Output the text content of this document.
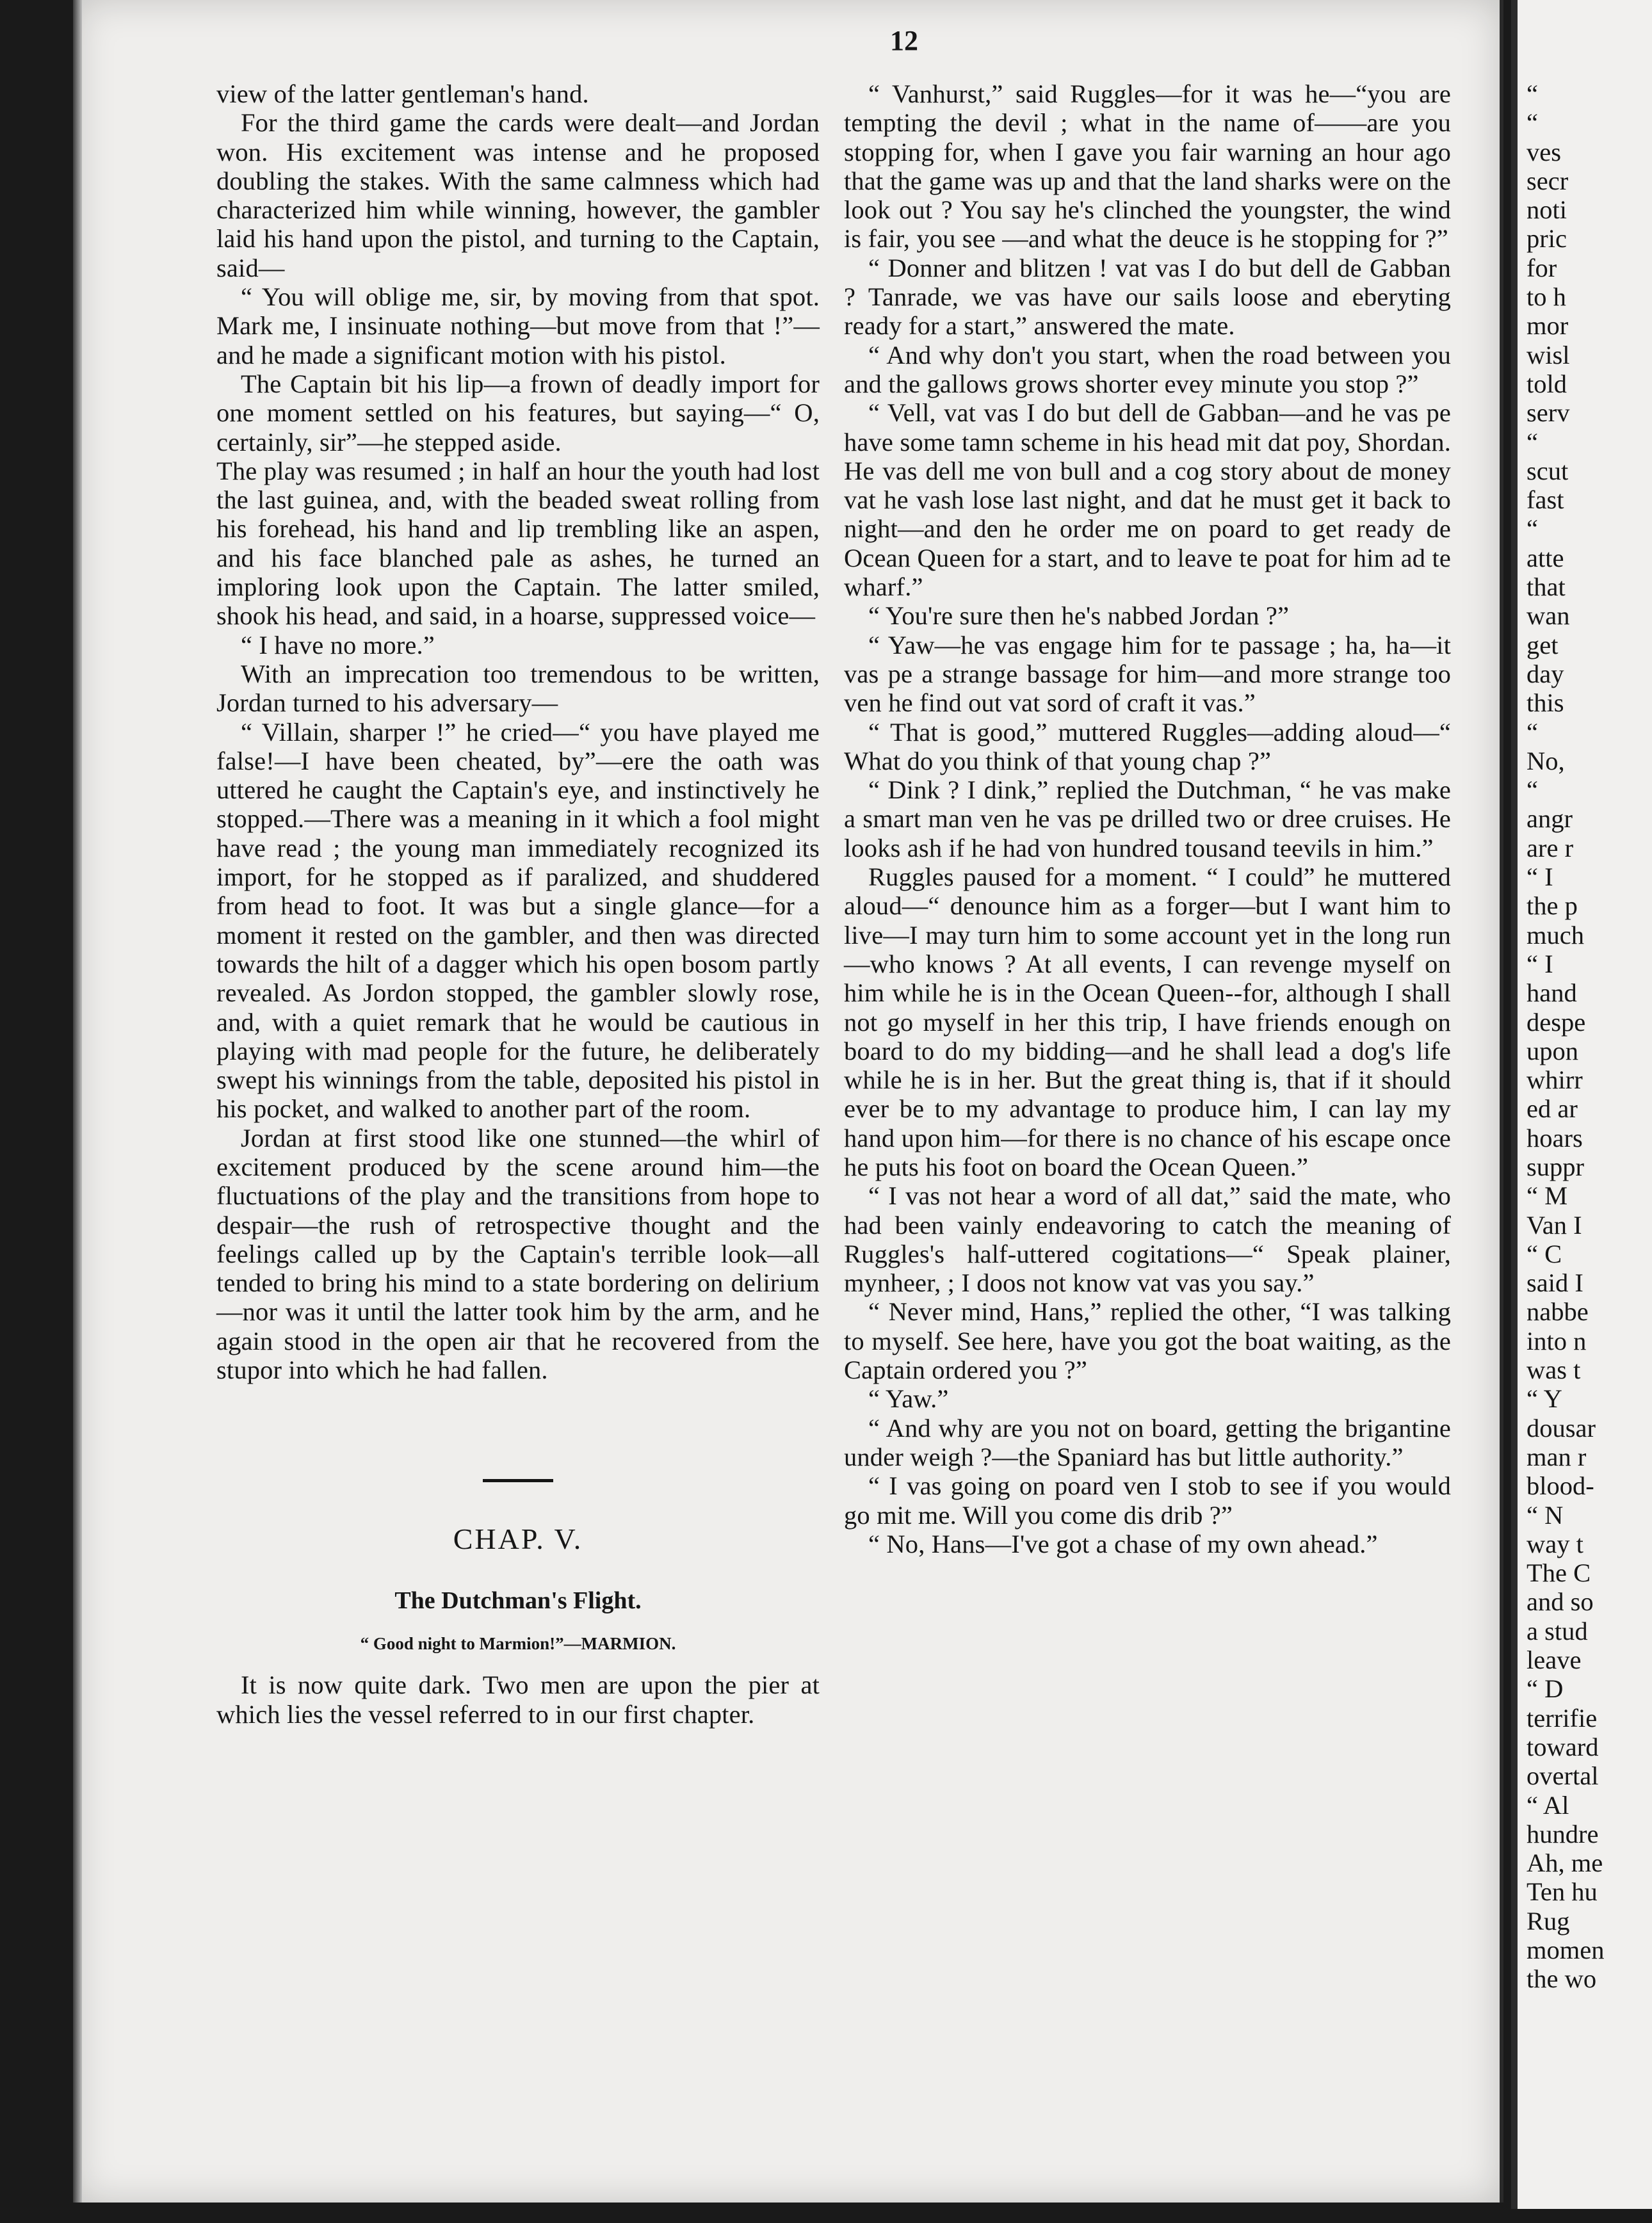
12

view of the latter gentleman's hand.

For the third game the cards were dealt—and Jordan won. His excitement was intense and he proposed doubling the stakes. With the same calmness which had characterized him while winning, however, the gambler laid his hand upon the pistol, and turning to the Captain, said—

“ You will oblige me, sir, by moving from that spot. Mark me, I insinuate nothing—but move from that !”—and he made a significant motion with his pistol.

The Captain bit his lip—a frown of deadly import for one moment settled on his features, but saying—“ O, certainly, sir”—he stepped aside.

The play was resumed ; in half an hour the youth had lost the last guinea, and, with the beaded sweat rolling from his forehead, his hand and lip trembling like an aspen, and his face blanched pale as ashes, he turned an imploring look upon the Captain. The latter smiled, shook his head, and said, in a hoarse, suppressed voice—

“ I have no more.”

With an imprecation too tremendous to be written, Jordan turned to his adversary—

“ Villain, sharper !” he cried—“ you have played me false!—I have been cheated, by”—ere the oath was uttered he caught the Captain's eye, and instinctively he stopped.—There was a meaning in it which a fool might have read ; the young man immediately recognized its import, for he stopped as if paralized, and shuddered from head to foot. It was but a single glance—for a moment it rested on the gambler, and then was directed towards the hilt of a dagger which his open bosom partly revealed. As Jordon stopped, the gambler slowly rose, and, with a quiet remark that he would be cautious in playing with mad people for the future, he deliberately swept his winnings from the table, deposited his pistol in his pocket, and walked to another part of the room.

Jordan at first stood like one stunned—the whirl of excitement produced by the scene around him—the fluctuations of the play and the transitions from hope to despair—the rush of retrospective thought and the feelings called up by the Captain's terrible look—all tended to bring his mind to a state bordering on delirium—nor was it until the latter took him by the arm, and he again stood in the open air that he recovered from the stupor into which he had fallen.

CHAP. V.
The Dutchman's Flight.
“ Good night to Marmion!”—MARMION.

It is now quite dark. Two men are upon the pier at which lies the vessel referred to in our first chapter.

“ Vanhurst,” said Ruggles—for it was he—“you are tempting the devil ; what in the name of——are you stopping for, when I gave you fair warning an hour ago that the game was up and that the land sharks were on the look out ? You say he's clinched the youngster, the wind is fair, you see —and what the deuce is he stopping for ?”

“ Donner and blitzen ! vat vas I do but dell de Gabban ? Tanrade, we vas have our sails loose and eberyting ready for a start,” answered the mate.

“ And why don't you start, when the road between you and the gallows grows shorter evey minute you stop ?”

“ Vell, vat vas I do but dell de Gabban—and he vas pe have some tamn scheme in his head mit dat poy, Shordan. He vas dell me von bull and a cog story about de money vat he vash lose last night, and dat he must get it back to night—and den he order me on poard to get ready de Ocean Queen for a start, and to leave te poat for him ad te wharf.”

“ You're sure then he's nabbed Jordan ?”

“ Yaw—he vas engage him for te passage ; ha, ha—it vas pe a strange bassage for him—and more strange too ven he find out vat sord of craft it vas.”

“ That is good,” muttered Ruggles—adding aloud—“ What do you think of that young chap ?”

“ Dink ? I dink,” replied the Dutchman, “ he vas make a smart man ven he vas pe drilled two or dree cruises. He looks ash if he had von hundred tousand teevils in him.”

Ruggles paused for a moment. “ I could” he muttered aloud—“ denounce him as a forger—but I want him to live—I may turn him to some account yet in the long run—who knows ? At all events, I can revenge myself on him while he is in the Ocean Queen--for, although I shall not go myself in her this trip, I have friends enough on board to do my bidding—and he shall lead a dog's life while he is in her. But the great thing is, that if it should ever be to my advantage to produce him, I can lay my hand upon him—for there is no chance of his escape once he puts his foot on board the Ocean Queen.”

“ I vas not hear a word of all dat,” said the mate, who had been vainly endeavoring to catch the meaning of Ruggles's half-uttered cogitations—“ Speak plainer, mynheer, ; I doos not know vat vas you say.”

“ Never mind, Hans,” replied the other, “I was talking to myself. See here, have you got the boat waiting, as the Captain ordered you ?”

“ Yaw.”

“ And why are you not on board, getting the brigantine under weigh ?—the Spaniard has but little authority.”

“ I vas going on poard ven I stob to see if you would go mit me. Will you come dis drib ?”

“ No, Hans—I've got a chase of my own ahead.”

“
“
ves
secr
noti
pric
for
to h
mor
wisl
told
serv
“
scut
fast
“
atte
that
wan
get
day
this
“
No,
“
angr
are r
“ I
the p
much
“ I
hand
despe
upon
whirr
ed ar
hoars
suppr
“ M
Van I
“ C
said I
nabbe
into n
was t
“ Y
dousar
man r
blood-
“ N
way t
The C
and so
a stud
leave
“ D
terrifie
toward
overtal
“ Al
hundre
Ah, me
Ten hu
Rug
momen
the wo
